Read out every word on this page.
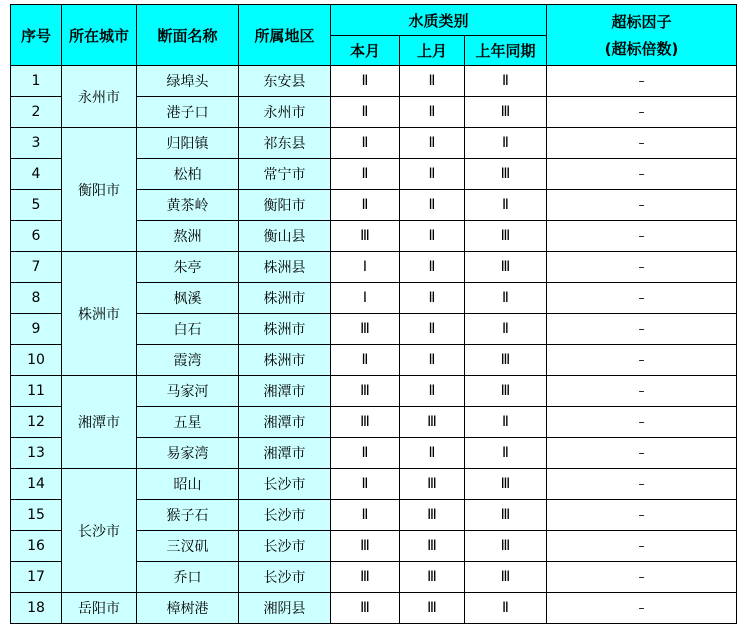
序号	所在城市	断面名称	所属地区	水质类别			超标因子
(超标倍数)

				本月	上月	上年同期	
1	永州市	绿埠头	东安县	Ⅱ	Ⅱ	Ⅱ	–
2		港子口	永州市	Ⅱ	Ⅱ	Ⅲ	–
3	衡阳市	归阳镇	祁东县	Ⅱ	Ⅱ	Ⅱ	–
4		松柏	常宁市	Ⅱ	Ⅱ	Ⅲ	–
5		黄茶岭	衡阳市	Ⅱ	Ⅱ	Ⅱ	–
6		熬洲	衡山县	Ⅲ	Ⅱ	Ⅲ	–
7	株洲市	朱亭	株洲县	Ⅰ	Ⅱ	Ⅲ	–
8		枫溪	株洲市	Ⅰ	Ⅱ	Ⅱ	–
9		白石	株洲市	Ⅲ	Ⅱ	Ⅱ	–
10		霞湾	株洲市	Ⅱ	Ⅱ	Ⅲ	–
11	湘潭市	马家河	湘潭市	Ⅲ	Ⅱ	Ⅲ	–
12		五星	湘潭市	Ⅲ	Ⅲ	Ⅱ	–
13		易家湾	湘潭市	Ⅱ	Ⅱ	Ⅱ	–
14	长沙市	昭山	长沙市	Ⅱ	Ⅲ	Ⅲ	–
15		猴子石	长沙市	Ⅱ	Ⅲ	Ⅲ	–
16		三汊矶	长沙市	Ⅲ	Ⅲ	Ⅲ	–
17		乔口	长沙市	Ⅲ	Ⅲ	Ⅲ	–
18	岳阳市	樟树港	湘阴县	Ⅲ	Ⅲ	Ⅱ	–
